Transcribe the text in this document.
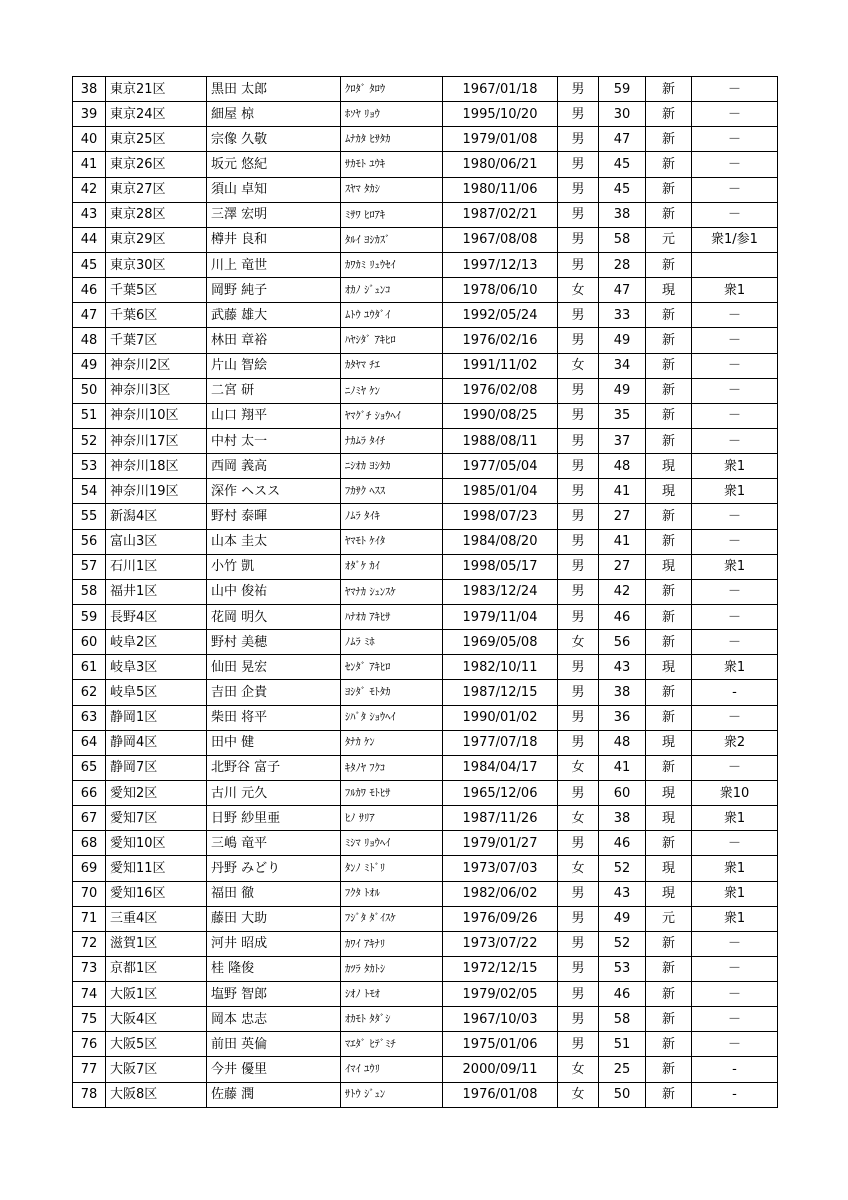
38	東京21区	黒田 太郎	ｸﾛﾀﾞ ﾀﾛｳ	1967/01/18	男	59	新	－
39	東京24区	細屋 椋	ﾎｿﾔ ﾘｮｳ	1995/10/20	男	30	新	－
40	東京25区	宗像 久敬	ﾑﾅｶﾀ ﾋｻﾀｶ	1979/01/08	男	47	新	－
41	東京26区	坂元 悠紀	ｻｶﾓﾄ ﾕｳｷ	1980/06/21	男	45	新	－
42	東京27区	須山 卓知	ｽﾔﾏ ﾀｶｼ	1980/11/06	男	45	新	－
43	東京28区	三澤 宏明	ﾐｻﾜ ﾋﾛｱｷ	1987/02/21	男	38	新	－
44	東京29区	樽井 良和	ﾀﾙｲ ﾖｼｶｽﾞ	1967/08/08	男	58	元	衆1/参1
45	東京30区	川上 竜世	ｶﾜｶﾐ ﾘｭｳｾｲ	1997/12/13	男	28	新	
46	千葉5区	岡野 純子	ｵｶﾉ ｼﾞｭﾝｺ	1978/06/10	女	47	現	衆1
47	千葉6区	武藤 雄大	ﾑﾄｳ ﾕｳﾀﾞｲ	1992/05/24	男	33	新	－
48	千葉7区	林田 章裕	ﾊﾔｼﾀﾞ ｱｷﾋﾛ	1976/02/16	男	49	新	－
49	神奈川2区	片山 智絵	ｶﾀﾔﾏ ﾁｴ	1991/11/02	女	34	新	－
50	神奈川3区	二宮 研	ﾆﾉﾐﾔ ｹﾝ	1976/02/08	男	49	新	－
51	神奈川10区	山口 翔平	ﾔﾏｸﾞﾁ ｼｮｳﾍｲ	1990/08/25	男	35	新	－
52	神奈川17区	中村 太一	ﾅｶﾑﾗ ﾀｲﾁ	1988/08/11	男	37	新	－
53	神奈川18区	西岡 義高	ﾆｼｵｶ ﾖｼﾀｶ	1977/05/04	男	48	現	衆1
54	神奈川19区	深作 ヘスス	ﾌｶｻｸ ﾍｽｽ	1985/01/04	男	41	現	衆1
55	新潟4区	野村 泰暉	ﾉﾑﾗ ﾀｲｷ	1998/07/23	男	27	新	－
56	富山3区	山本 圭太	ﾔﾏﾓﾄ ｹｲﾀ	1984/08/20	男	41	新	－
57	石川1区	小竹 凱	ｵﾀﾞｹ ｶｲ	1998/05/17	男	27	現	衆1
58	福井1区	山中 俊祐	ﾔﾏﾅｶ ｼｭﾝｽｹ	1983/12/24	男	42	新	－
59	長野4区	花岡 明久	ﾊﾅｵｶ ｱｷﾋｻ	1979/11/04	男	46	新	－
60	岐阜2区	野村 美穂	ﾉﾑﾗ ﾐﾎ	1969/05/08	女	56	新	－
61	岐阜3区	仙田 晃宏	ｾﾝﾀﾞ ｱｷﾋﾛ	1982/10/11	男	43	現	衆1
62	岐阜5区	吉田 企貴	ﾖｼﾀﾞ ﾓﾄﾀｶ	1987/12/15	男	38	新	-
63	静岡1区	柴田 将平	ｼﾊﾞﾀ ｼｮｳﾍｲ	1990/01/02	男	36	新	－
64	静岡4区	田中 健	ﾀﾅｶ ｹﾝ	1977/07/18	男	48	現	衆2
65	静岡7区	北野谷 富子	ｷﾀﾉﾔ ﾌｸｺ	1984/04/17	女	41	新	－
66	愛知2区	古川 元久	ﾌﾙｶﾜ ﾓﾄﾋｻ	1965/12/06	男	60	現	衆10
67	愛知7区	日野 紗里亜	ﾋﾉ ｻﾘｱ	1987/11/26	女	38	現	衆1
68	愛知10区	三嶋 竜平	ﾐｼﾏ ﾘｮｳﾍｲ	1979/01/27	男	46	新	－
69	愛知11区	丹野 みどり	ﾀﾝﾉ ﾐﾄﾞﾘ	1973/07/03	女	52	現	衆1
70	愛知16区	福田 徹	ﾌｸﾀ ﾄｵﾙ	1982/06/02	男	43	現	衆1
71	三重4区	藤田 大助	ﾌｼﾞﾀ ﾀﾞｲｽｹ	1976/09/26	男	49	元	衆1
72	滋賀1区	河井 昭成	ｶﾜｲ ｱｷﾅﾘ	1973/07/22	男	52	新	－
73	京都1区	桂 隆俊	ｶﾂﾗ ﾀｶﾄｼ	1972/12/15	男	53	新	－
74	大阪1区	塩野 智郎	ｼｵﾉ ﾄﾓｵ	1979/02/05	男	46	新	－
75	大阪4区	岡本 忠志	ｵｶﾓﾄ ﾀﾀﾞｼ	1967/10/03	男	58	新	－
76	大阪5区	前田 英倫	ﾏｴﾀﾞ ﾋﾃﾞﾐﾁ	1975/01/06	男	51	新	－
77	大阪7区	今井 優里	ｲﾏｲ ﾕｳﾘ	2000/09/11	女	25	新	-
78	大阪8区	佐藤 潤	ｻﾄｳ ｼﾞｭﾝ	1976/01/08	女	50	新	-
